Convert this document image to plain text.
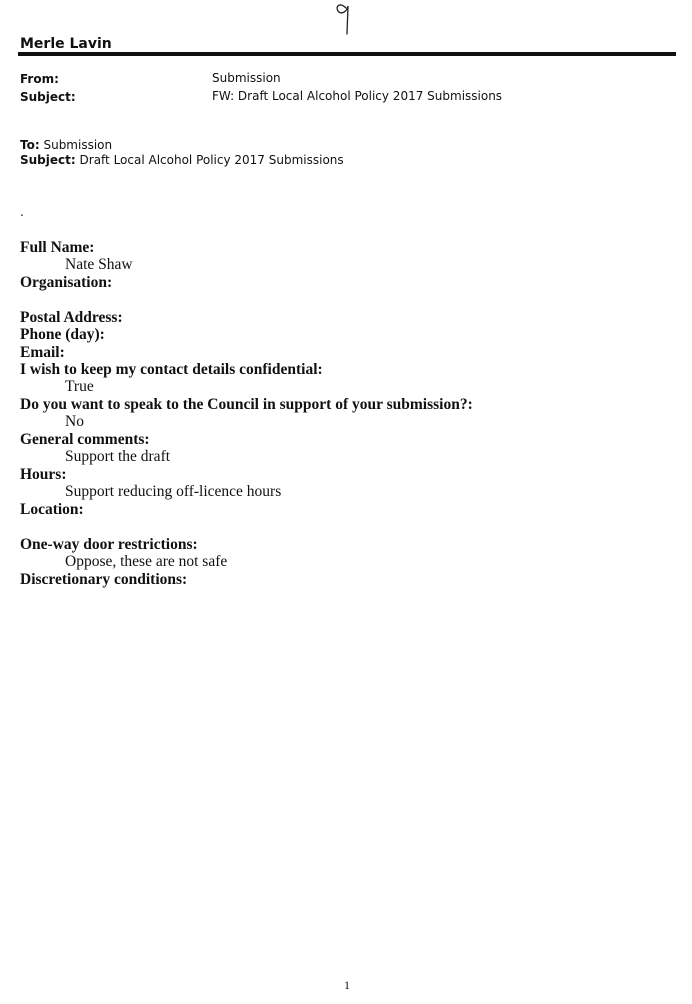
Merle Lavin
From:	Submission
Subject:	FW: Draft Local Alcohol Policy 2017 Submissions
To: Submission
Subject: Draft Local Alcohol Policy 2017 Submissions
.
Full Name:
Nate Shaw
Organisation:
Postal Address:
Phone (day):
Email:
I wish to keep my contact details confidential:
True
Do you want to speak to the Council in support of your submission?:
No
General comments:
Support the draft
Hours:
Support reducing off-licence hours
Location:
One-way door restrictions:
Oppose, these are not safe
Discretionary conditions:
1
